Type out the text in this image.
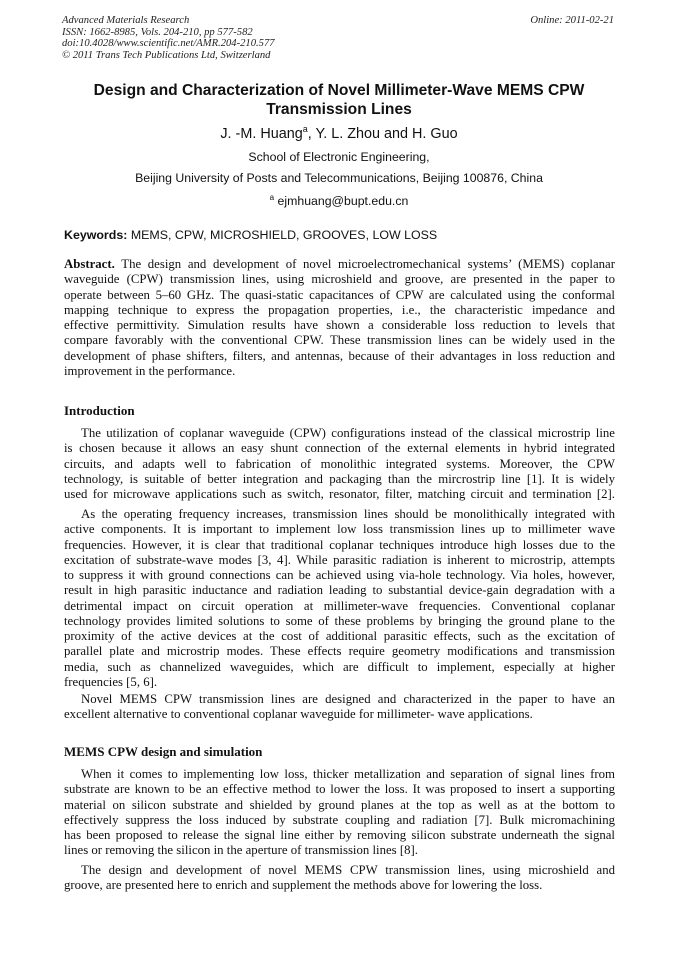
Advanced Materials Research
ISSN: 1662-8985, Vols. 204-210, pp 577-582
doi:10.4028/www.scientific.net/AMR.204-210.577
© 2011 Trans Tech Publications Ltd, Switzerland
Online: 2011-02-21
Design and Characterization of Novel Millimeter-Wave MEMS CPW
Transmission Lines
J. -M. Huang$^a$, Y. L. Zhou and H. Guo
School of Electronic Engineering,
Beijing University of Posts and Telecommunications, Beijing 100876, China
$^a$ ejmhuang@bupt.edu.cn
Keywords: MEMS, CPW, MICROSHIELD, GROOVES, LOW LOSS
Abstract. The design and development of novel microelectromechanical systems’ (MEMS) coplanar
waveguide (CPW) transmission lines, using microshield and groove, are presented in the paper to
operate between 5–60 GHz. The quasi-static capacitances of CPW are calculated using the conformal
mapping technique to express the propagation properties, i.e., the characteristic impedance and
effective permittivity. Simulation results have shown a considerable loss reduction to levels that
compare favorably with the conventional CPW. These transmission lines can be widely used in the
development of phase shifters, filters, and antennas, because of their advantages in loss reduction and
improvement in the performance.
Introduction
The utilization of coplanar waveguide (CPW) configurations instead of the classical microstrip line
is chosen because it allows an easy shunt connection of the external elements in hybrid integrated
circuits, and adapts well to fabrication of monolithic integrated systems. Moreover, the CPW
technology, is suitable of better integration and packaging than the mircrostrip line [1]. It is widely
used for microwave applications such as switch, resonator, filter, matching circuit and termination [2].
As the operating frequency increases, transmission lines should be monolithically integrated with
active components. It is important to implement low loss transmission lines up to millimeter wave
frequencies. However, it is clear that traditional coplanar techniques introduce high losses due to the
excitation of substrate-wave modes [3, 4]. While parasitic radiation is inherent to microstrip, attempts
to suppress it with ground connections can be achieved using via-hole technology. Via holes, however,
result in high parasitic inductance and radiation leading to substantial device-gain degradation with a
detrimental impact on circuit operation at millimeter-wave frequencies. Conventional coplanar
technology provides limited solutions to some of these problems by bringing the ground plane to the
proximity of the active devices at the cost of additional parasitic effects, such as the excitation of
parallel plate and microstrip modes. These effects require geometry modifications and transmission
media, such as channelized waveguides, which are difficult to implement, especially at higher
frequencies [5, 6].
Novel MEMS CPW transmission lines are designed and characterized in the paper to have an
excellent alternative to conventional coplanar waveguide for millimeter- wave applications.
MEMS CPW design and simulation
When it comes to implementing low loss, thicker metallization and separation of signal lines from
substrate are known to be an effective method to lower the loss. It was proposed to insert a supporting
material on silicon substrate and shielded by ground planes at the top as well as at the bottom to
effectively suppress the loss induced by substrate coupling and radiation [7]. Bulk micromachining
has been proposed to release the signal line either by removing silicon substrate underneath the signal
lines or removing the silicon in the aperture of transmission lines [8].
The design and development of novel MEMS CPW transmission lines, using microshield and
groove, are presented here to enrich and supplement the methods above for lowering the loss.
